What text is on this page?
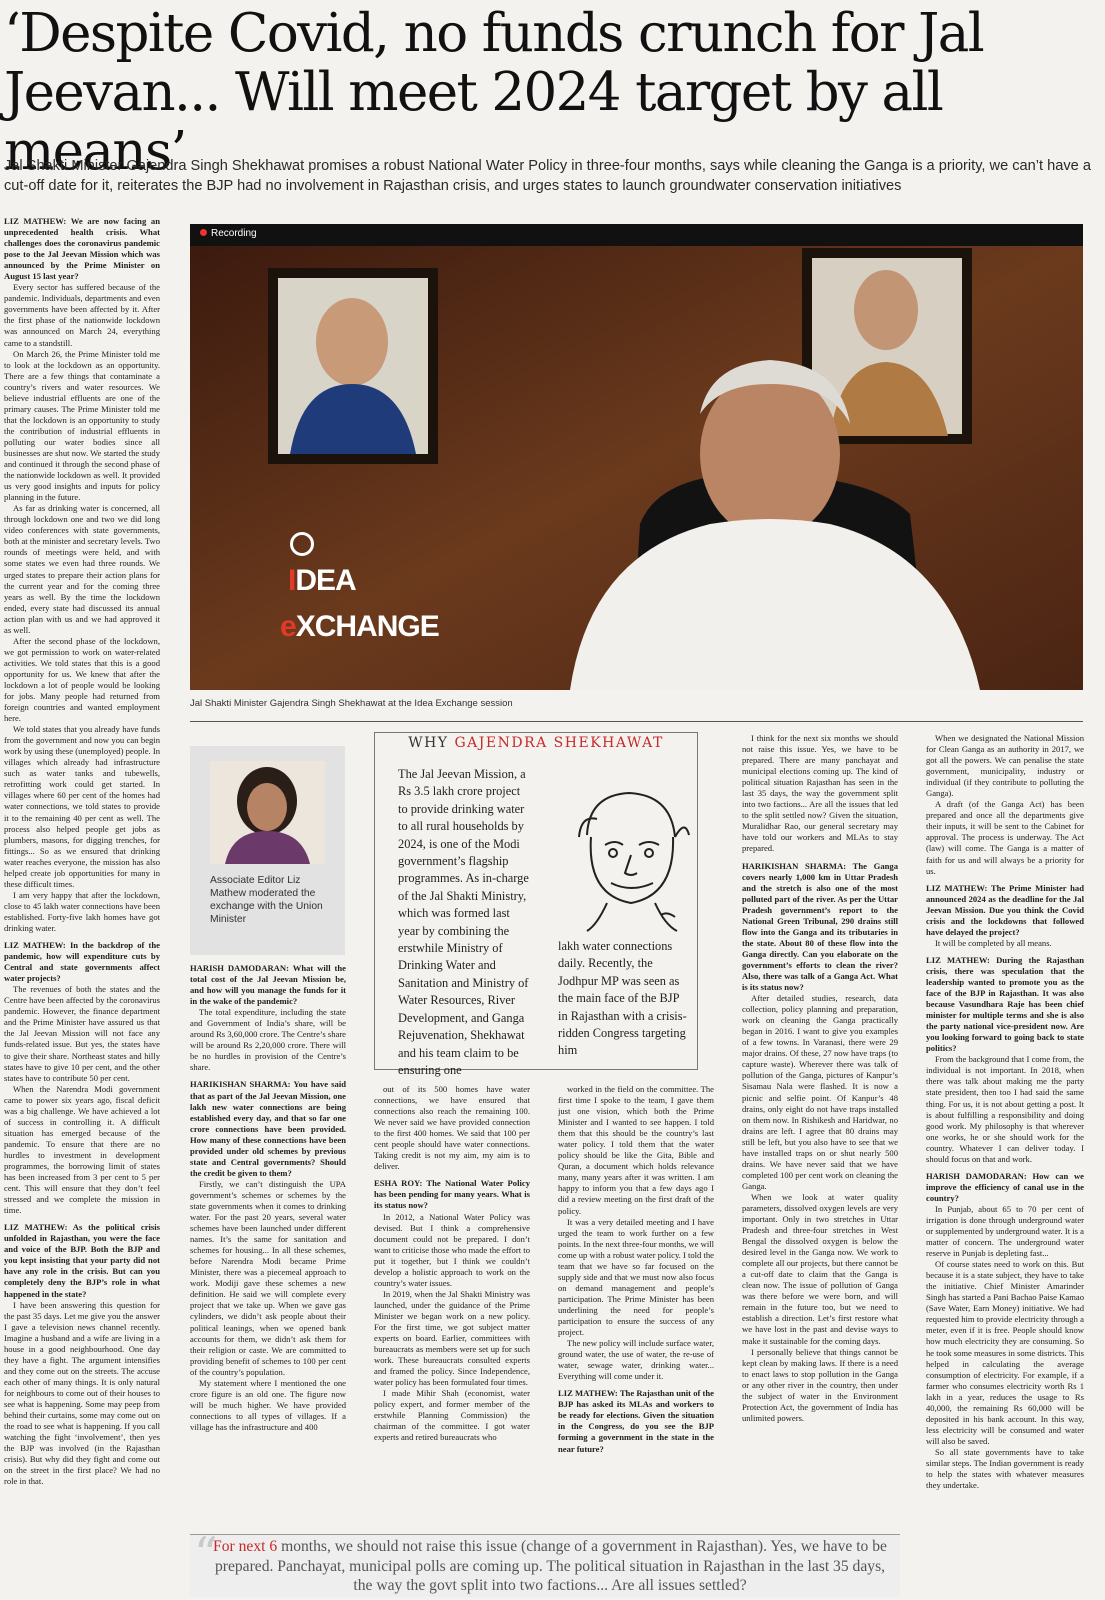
‘Despite Covid, no funds crunch for Jal Jeevan... Will meet 2024 target by all means’

Jal Shakti Minister Gajendra Singh Shekhawat promises a robust National Water Policy in three-four months, says while cleaning the Ganga is a priority, we can’t have a cut-off date for it, reiterates the BJP had no involvement in Rajasthan crisis, and urges states to launch groundwater conservation initiatives

LIZ MATHEW: We are now facing an unprecedented health crisis. What challenges does the coronavirus pandemic pose to the Jal Jeevan Mission which was announced by the Prime Minister on August 15 last year?

Every sector has suffered because of the pandemic. Individuals, departments and even governments have been affected by it. After the first phase of the nationwide lockdown was announced on March 24, everything came to a standstill.

On March 26, the Prime Minister told me to look at the lockdown as an opportunity. There are a few things that contaminate a country’s rivers and water resources. We believe industrial effluents are one of the primary causes. The Prime Minister told me that the lockdown is an opportunity to study the contribution of industrial effluents in polluting our water bodies since all businesses are shut now. We started the study and continued it through the second phase of the nationwide lockdown as well. It provided us very good insights and inputs for policy planning in the future.

As far as drinking water is concerned, all through lockdown one and two we did long video conferences with state governments, both at the minister and secretary levels. Two rounds of meetings were held, and with some states we even had three rounds. We urged states to prepare their action plans for the current year and for the coming three years as well. By the time the lockdown ended, every state had discussed its annual action plan with us and we had approved it as well.

After the second phase of the lockdown, we got permission to work on water-related activities. We told states that this is a good opportunity for us. We knew that after the lockdown a lot of people would be looking for jobs. Many people had returned from foreign countries and wanted employment here.

We told states that you already have funds from the government and now you can begin work by using these (unemployed) people. In villages which already had infrastructure such as water tanks and tubewells, retrofitting work could get started. In villages where 60 per cent of the homes had water connections, we told states to provide it to the remaining 40 per cent as well. The process also helped people get jobs as plumbers, masons, for digging trenches, for fittings... So as we ensured that drinking water reaches everyone, the mission has also helped create job opportunities for many in these difficult times.

I am very happy that after the lockdown, close to 45 lakh water connections have been established. Forty-five lakh homes have got drinking water.

LIZ MATHEW: In the backdrop of the pandemic, how will expenditure cuts by Central and state governments affect water projects?

The revenues of both the states and the Centre have been affected by the coronavirus pandemic. However, the finance department and the Prime Minister have assured us that the Jal Jeevan Mission will not face any funds-related issue. But yes, the states have to give their share. Northeast states and hilly states have to give 10 per cent, and the other states have to contribute 50 per cent.

When the Narendra Modi government came to power six years ago, fiscal deficit was a big challenge. We have achieved a lot of success in controlling it. A difficult situation has emerged because of the pandemic. To ensure that there are no hurdles to investment in development programmes, the borrowing limit of states has been increased from 3 per cent to 5 per cent. This will ensure that they don’t feel stressed and we complete the mission in time.

LIZ MATHEW: As the political crisis unfolded in Rajasthan, you were the face and voice of the BJP. Both the BJP and you kept insisting that your party did not have any role in the crisis. But can you completely deny the BJP’s role in what happened in the state?

I have been answering this question for the past 35 days. Let me give you the answer I gave a television news channel recently. Imagine a husband and a wife are living in a house in a good neighbourhood. One day they have a fight. The argument intensifies and they come out on the streets. The accuse each other of many things. It is only natural for neighbours to come out of their houses to see what is happening. Some may peep from behind their curtains, some may come out on the road to see what is happening. If you call watching the fight ‘involvement’, then yes the BJP was involved (in the Rajasthan crisis). But why did they fight and come out on the street in the first place? We had no role in that.

Recording
IDEA
eXCHANGE

Jal Shakti Minister Gajendra Singh Shekhawat at the Idea Exchange session

Associate Editor Liz Mathew moderated the exchange with the Union Minister

HARISH DAMODARAN: What will the total cost of the Jal Jeevan Mission be, and how will you manage the funds for it in the wake of the pandemic?

The total expenditure, including the state and Government of India’s share, will be around Rs 3,60,000 crore. The Centre’s share will be around Rs 2,20,000 crore. There will be no hurdles in provision of the Centre’s share.

HARIKISHAN SHARMA: You have said that as part of the Jal Jeevan Mission, one lakh new water connections are being established every day, and that so far one crore connections have been provided. How many of these connections have been provided under old schemes by previous state and Central governments? Should the credit be given to them?

Firstly, we can’t distinguish the UPA government’s schemes or schemes by the state governments when it comes to drinking water. For the past 20 years, several water schemes have been launched under different names. It’s the same for sanitation and schemes for housing... In all these schemes, before Narendra Modi became Prime Minister, there was a piecemeal approach to work. Modiji gave these schemes a new definition. He said we will complete every project that we take up. When we gave gas cylinders, we didn’t ask people about their political leanings, when we opened bank accounts for them, we didn’t ask them for their religion or caste. We are committed to providing benefit of schemes to 100 per cent of the country’s population.

My statement where I mentioned the one crore figure is an old one. The figure now will be much higher. We have provided connections to all types of villages. If a village has the infrastructure and 400

WHY GAJENDRA SHEKHAWAT

The Jal Jeevan Mission, a Rs 3.5 lakh crore project to provide drinking water to all rural households by 2024, is one of the Modi government’s flagship programmes. As in-charge of the Jal Shakti Ministry, which was formed last year by combining the erstwhile Ministry of Drinking Water and Sanitation and Ministry of Water Resources, River Development, and Ganga Rejuvenation, Shekhawat and his team claim to be ensuring one

lakh water connections daily. Recently, the Jodhpur MP was seen as the main face of the BJP in Rajasthan with a crisis-ridden Congress targeting him

out of its 500 homes have water connections, we have ensured that connections also reach the remaining 100. We never said we have provided connection to the first 400 homes. We said that 100 per cent people should have water connections. Taking credit is not my aim, my aim is to deliver.

ESHA ROY: The National Water Policy has been pending for many years. What is its status now?

In 2012, a National Water Policy was devised. But I think a comprehensive document could not be prepared. I don’t want to criticise those who made the effort to put it together, but I think we couldn’t develop a holistic approach to work on the country’s water issues.

In 2019, when the Jal Shakti Ministry was launched, under the guidance of the Prime Minister we began work on a new policy. For the first time, we got subject matter experts on board. Earlier, committees with bureaucrats as members were set up for such work. These bureaucrats consulted experts and framed the policy. Since Independence, water policy has been formulated four times.

I made Mihir Shah (economist, water policy expert, and former member of the erstwhile Planning Commission) the chairman of the committee. I got water experts and retired bureaucrats who

worked in the field on the committee. The first time I spoke to the team, I gave them just one vision, which both the Prime Minister and I wanted to see happen. I told them that this should be the country’s last water policy. I told them that the water policy should be like the Gita, Bible and Quran, a document which holds relevance many, many years after it was written. I am happy to inform you that a few days ago I did a review meeting on the first draft of the policy.

It was a very detailed meeting and I have urged the team to work further on a few points. In the next three-four months, we will come up with a robust water policy. I told the team that we have so far focused on the supply side and that we must now also focus on demand management and people’s participation. The Prime Minister has been underlining the need for people’s participation to ensure the success of any project.

The new policy will include surface water, ground water, the use of water, the re-use of water, sewage water, drinking water... Everything will come under it.

LIZ MATHEW: The Rajasthan unit of the BJP has asked its MLAs and workers to be ready for elections. Given the situation in the Congress, do you see the BJP forming a government in the state in the near future?

I think for the next six months we should not raise this issue. Yes, we have to be prepared. There are many panchayat and municipal elections coming up. The kind of political situation Rajasthan has seen in the last 35 days, the way the government split into two factions... Are all the issues that led to the split settled now? Given the situation, Muralidhar Rao, our general secretary may have told our workers and MLAs to stay prepared.

HARIKISHAN SHARMA: The Ganga covers nearly 1,000 km in Uttar Pradesh and the stretch is also one of the most polluted part of the river. As per the Uttar Pradesh government’s report to the National Green Tribunal, 290 drains still flow into the Ganga and its tributaries in the state. About 80 of these flow into the Ganga directly. Can you elaborate on the government’s efforts to clean the river? Also, there was talk of a Ganga Act. What is its status now?

After detailed studies, research, data collection, policy planning and preparation, work on cleaning the Ganga practically began in 2016. I want to give you examples of a few towns. In Varanasi, there were 29 major drains. Of these, 27 now have traps (to capture waste). Wherever there was talk of pollution of the Ganga, pictures of Kanpur’s Sisamau Nala were flashed. It is now a picnic and selfie point. Of Kanpur’s 48 drains, only eight do not have traps installed on them now. In Rishikesh and Haridwar, no drains are left. I agree that 80 drains may still be left, but you also have to see that we have installed traps on or shut nearly 500 drains. We have never said that we have completed 100 per cent work on cleaning the Ganga.

When we look at water quality parameters, dissolved oxygen levels are very important. Only in two stretches in Uttar Pradesh and three-four stretches in West Bengal the dissolved oxygen is below the desired level in the Ganga now. We work to complete all our projects, but there cannot be a cut-off date to claim that the Ganga is clean now. The issue of pollution of Ganga was there before we were born, and will remain in the future too, but we need to establish a direction. Let’s first restore what we have lost in the past and devise ways to make it sustainable for the coming days.

I personally believe that things cannot be kept clean by making laws. If there is a need to enact laws to stop pollution in the Ganga or any other river in the country, then under the subject of water in the Environment Protection Act, the government of India has unlimited powers.

When we designated the National Mission for Clean Ganga as an authority in 2017, we got all the powers. We can penalise the state government, municipality, industry or individual (if they contribute to polluting the Ganga).

A draft (of the Ganga Act) has been prepared and once all the departments give their inputs, it will be sent to the Cabinet for approval. The process is underway. The Act (law) will come. The Ganga is a matter of faith for us and will always be a priority for us.

LIZ MATHEW: The Prime Minister had announced 2024 as the deadline for the Jal Jeevan Mission. Due you think the Covid crisis and the lockdowns that followed have delayed the project?

It will be completed by all means.

LIZ MATHEW: During the Rajasthan crisis, there was speculation that the leadership wanted to promote you as the face of the BJP in Rajasthan. It was also because Vasundhara Raje has been chief minister for multiple terms and she is also the party national vice-president now. Are you looking forward to going back to state politics?

From the background that I come from, the individual is not important. In 2018, when there was talk about making me the party state president, then too I had said the same thing. For us, it is not about getting a post. It is about fulfilling a responsibility and doing good work. My philosophy is that wherever one works, he or she should work for the country. Whatever I can deliver today. I should focus on that and work.

HARISH DAMODARAN: How can we improve the efficiency of canal use in the country?

In Punjab, about 65 to 70 per cent of irrigation is done through underground water or supplemented by underground water. It is a matter of concern. The underground water reserve in Punjab is depleting fast...

Of course states need to work on this. But because it is a state subject, they have to take the initiative. Chief Minister Amarinder Singh has started a Pani Bachao Paise Kamao (Save Water, Earn Money) initiative. We had requested him to provide electricity through a meter, even if it is free. People should know how much electricity they are consuming. So he took some measures in some districts. This helped in calculating the average consumption of electricity. For example, if a farmer who consumes electricity worth Rs 1 lakh in a year, reduces the usage to Rs 40,000, the remaining Rs 60,000 will be deposited in his bank account. In this way, less electricity will be consumed and water will also be saved.

So all state governments have to take similar steps. The Indian government is ready to help the states with whatever measures they undertake.

“

For next 6 months, we should not raise this issue (change of a government in Rajasthan). Yes, we have to be prepared. Panchayat, municipal polls are coming up. The political situation in Rajasthan in the last 35 days, the way the govt split into two factions... Are all issues settled?
